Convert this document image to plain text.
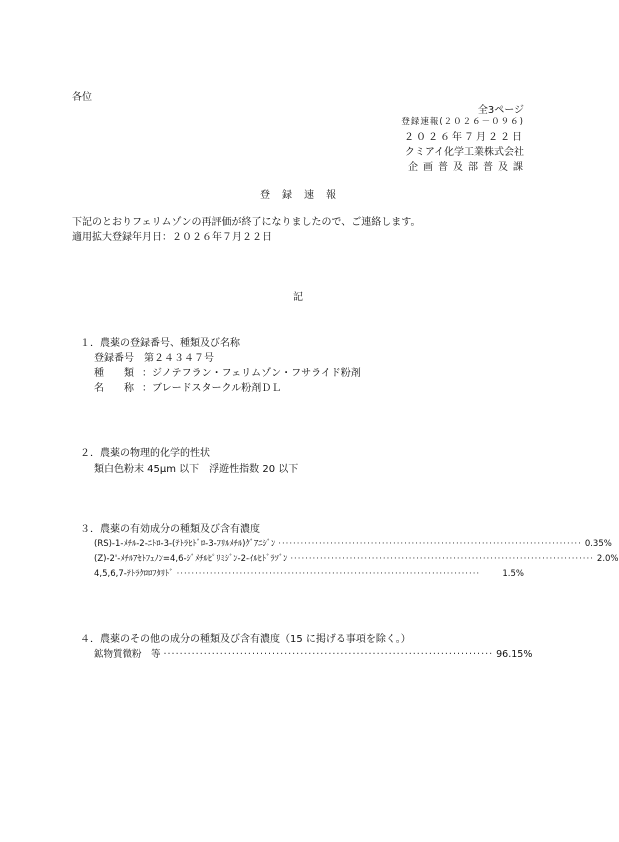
各位
全3ページ
登録速報(２０２６－０９６)
２０２６年７月２２日
クミアイ化学工業株式会社
企画普及部普及課
登録速報
下記のとおりフェリムゾンの再評価が終了になりましたので、ご連絡します。
適用拡大登録年月日：２０２６年７月２２日
記
１．農薬の登録番号、種類及び名称
登録番号　第２４３４７号
種　　類 ：ジノテフラン・フェリムゾン・フサライド粉剤
名　　称 ：ブレードスタークル粉剤ＤＬ
２．農薬の物理的化学的性状
類白色粉末 45μm 以下　浮遊性指数 20 以下
３．農薬の有効成分の種類及び含有濃度
(RS)-1-ﾒﾁﾙ-2-ﾆﾄﾛ-3-(ﾃﾄﾗﾋﾄﾞﾛ-3-ﾌﾘﾙﾒﾁﾙ)ｸﾞｱﾆｼﾞﾝ ·················································································· 0.35%
(Z)-2'-ﾒﾁﾙｱｾﾄﾌｪﾉﾝ=4,6-ｼﾞﾒﾁﾙﾋﾟﾘﾐｼﾞﾝ-2-ｲﾙﾋﾄﾞﾗｿﾞﾝ ·················································································· 2.0%
4,5,6,7-ﾃﾄﾗｸﾛﾛﾌﾀﾘﾄﾞ ··················································································	1.5%
４．農薬のその他の成分の種類及び含有濃度（15 に掲げる事項を除く。）
鉱物質微粉　等 ·················································································· 96.15%
